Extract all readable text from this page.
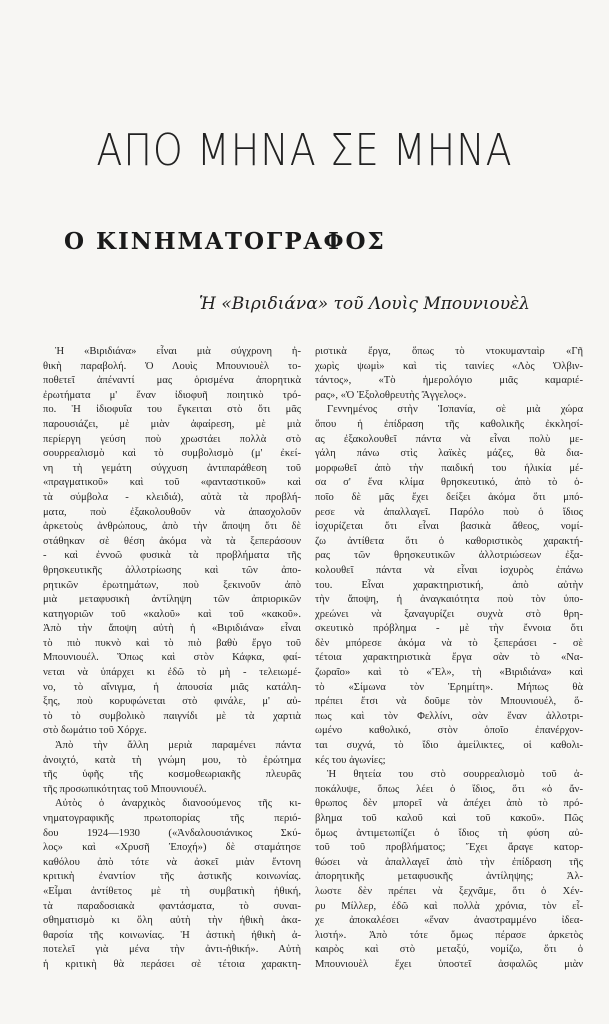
ΑΠΟ ΜΗΝΑ ΣΕ ΜΗΝΑ
Ο ΚΙΝΗΜΑΤΟΓΡΑΦΟΣ
Ἡ «Βιριδιάνα» τοῦ Λουὶς Μπουνιουὲλ
Ἡ «Βιριδιάνα» εἶναι μιὰ σύγχρονη ἠ-
θικὴ παραβολή. Ὁ Λουὶς Μπουνιουὲλ το-
ποθετεῖ ἀπέναντί μας ὁρισμένα ἀπορητικὰ
ἐρωτήματα μ' ἕναν ἰδιοφυῆ ποιητικὸ τρό-
πο. Ἡ ἰδιοφυΐα του ἔγκειται στὸ ὅτι μᾶς
παρουσιάζει, μὲ μιὰν ἀφαίρεση, μὲ μιὰ
περίεργη γεύση ποὺ χρωστάει πολλὰ στὸ
σουρρεαλισμὸ καὶ τὸ συμβολισμὸ (μ' ἐκεί-
νη τὴ γεμάτη σύγχυση ἀντιπαράθεση τοῦ
«πραγματικοῦ» καὶ τοῦ «φανταστικοῦ» καὶ
τὰ σύμβολα - κλειδιά), αὐτὰ τὰ προβλή-
ματα, ποὺ ἐξακολουθοῦν νὰ ἀπασχολοῦν
ἀρκετοὺς ἀνθρώπους, ἀπὸ τὴν ἄποψη ὅτι δὲ
στάθηκαν σὲ θέση ἀκόμα νὰ τὰ ξεπεράσουν
- καὶ ἐννοῶ φυσικὰ τὰ προβλήματα τῆς
θρησκευτικῆς ἀλλοτρίωσης καὶ τῶν ἀπο-
ρητικῶν ἐρωτημάτων, ποὺ ξεκινοῦν ἀπὸ
μιὰ μεταφυσικὴ ἀντίληψη τῶν ἀπριορικῶν
κατηγοριῶν τοῦ «καλοῦ» καὶ τοῦ «κακοῦ».
Ἀπὸ τὴν ἄποψη αὐτὴ ἡ «Βιριδιάνα» εἶναι
τὸ πιὸ πυκνὸ καὶ τὸ πιὸ βαθὺ ἔργο τοῦ
Μπουνιουέλ. Ὅπως καὶ στὸν Κάφκα, φαί-
νεται νὰ ὑπάρχει κι ἐδῶ τὸ μὴ - τελειωμέ-
νο, τὸ αἴνιγμα, ἡ ἀπουσία μιᾶς κατάλη-
ξης, ποὺ κορυφώνεται στὸ φινάλε, μ' αὐ-
τὸ τὸ συμβολικὸ παιγνίδι μὲ τὰ χαρτιὰ
στὸ δωμάτιο τοῦ Χόρχε.
Ἀπὸ τὴν ἄλλη μεριὰ παραμένει πάντα
ἀνοιχτό, κατὰ τὴ γνώμη μου, τὸ ἐρώτημα
τῆς ὑφῆς τῆς κοσμοθεωριακῆς πλευρᾶς
τῆς προσωπικότητας τοῦ Μπουνιουέλ.
Αὐτὸς ὁ ἀναρχικὸς διανοούμενος τῆς κι-
νηματογραφικῆς πρωτοπορίας τῆς περιό-
δου 1924—1930 («Ἀνδαλουσιάνικος Σκύ-
λος» καὶ «Χρυσῆ Ἐποχή») δὲ σταμάτησε
καθόλου ἀπὸ τότε νὰ ἀσκεῖ μιὰν ἔντονη
κριτικὴ ἐναντίον τῆς ἀστικῆς κοινωνίας.
«Εἶμαι ἀντίθετος μὲ τὴ συμβατικὴ ἠθική,
τὰ παραδοσιακὰ φαντάσματα, τὸ συναι-
σθηματισμὸ κι ὅλη αὐτὴ τὴν ἠθικὴ ἀκα-
θαρσία τῆς κοινωνίας. Ἡ ἀστικὴ ἠθικὴ ἀ-
ποτελεῖ γιὰ μένα τὴν ἀντι-ἠθική». Αὐτὴ
ἡ κριτικὴ θὰ περάσει σὲ τέτοια χαρακτη-
ριστικὰ ἔργα, ὅπως τὸ ντοκυμανταὶρ «Γῆ
χωρὶς ψωμὶ» καὶ τὶς ταινίες «Λὸς Ὀλβιν-
τάντος», «Τὸ ἡμερολόγιο μιᾶς καμαριέ-
ρας», «Ὁ Ἐξολοθρευτὴς Ἄγγελος».
Γεννημένος στὴν Ἱσπανία, σὲ μιὰ χώρα
ὅπου ἡ ἐπίδραση τῆς καθολικῆς ἐκκλησί-
ας ἐξακολουθεῖ πάντα νὰ εἶναι πολὺ με-
γάλη πάνω στὶς λαϊκὲς μάζες, θὰ δια-
μορφωθεῖ ἀπὸ τὴν παιδική του ἡλικία μέ-
σα σ' ἕνα κλίμα θρησκευτικό, ἀπὸ τὸ ὁ-
ποῖο δὲ μᾶς ἔχει δείξει ἀκόμα ὅτι μπό-
ρεσε νὰ ἀπαλλαγεῖ. Παρόλο ποὺ ὁ ἴδιος
ἰσχυρίζεται ὅτι εἶναι βασικὰ ἄθεος, νομί-
ζω ἀντίθετα ὅτι ὁ καθοριστικὸς χαρακτή-
ρας τῶν θρησκευτικῶν ἀλλοτριώσεων ἐξα-
κολουθεῖ πάντα νὰ εἶναι ἰσχυρὸς ἐπάνω
του. Εἶναι χαρακτηριστική, ἀπὸ αὐτὴν
τὴν ἄποψη, ἡ ἀναγκαιότητα ποὺ τὸν ὑπο-
χρεώνει νὰ ξαναγυρίζει συχνὰ στὸ θρη-
σκευτικὸ πρόβλημα - μὲ τὴν ἔννοια ὅτι
δὲν μπόρεσε ἀκόμα νὰ τὸ ξεπεράσει - σὲ
τέτοια χαρακτηριστικὰ ἔργα σὰν τὸ «Να-
ζωραῖο» καὶ τὸ «Ἔλ», τὴ «Βιριδιάνα» καὶ
τὸ «Σίμωνα τὸν Ἐρημίτη». Μήπως θὰ
πρέπει ἔτσι νὰ δοῦμε τὸν Μπουνιουέλ, ὅ-
πως καὶ τὸν Φελλίνι, σὰν ἕναν ἀλλοτρι-
ωμένο καθολικό, στὸν ὁποῖο ἐπανέρχον-
ται συχνά, τὸ ἴδιο ἀμείλικτες, οἱ καθολι-
κές του ἀγωνίες;
Ἡ θητεία του στὸ σουρρεαλισμὸ τοῦ ἀ-
ποκάλυψε, ὅπως λέει ὁ ἴδιος, ὅτι «ὁ ἄν-
θρωπος δὲν μπορεῖ νὰ ἀπέχει ἀπὸ τὸ πρό-
βλημα τοῦ καλοῦ καὶ τοῦ κακοῦ». Πῶς
ὅμως ἀντιμετωπίζει ὁ ἴδιος τὴ φύση αὐ-
τοῦ τοῦ προβλήματος; Ἔχει ἄραγε κατορ-
θώσει νὰ ἀπαλλαγεῖ ἀπὸ τὴν ἐπίδραση τῆς
ἀπορητικῆς μεταφυσικῆς ἀντίληψης; Ἀλ-
λωστε δὲν πρέπει νὰ ξεχνᾶμε, ὅτι ὁ Χέν-
ρυ Μίλλερ, ἐδῶ καὶ πολλὰ χρόνια, τὸν εἶ-
χε ἀποκαλέσει «ἕναν ἀναστραμμένο ἰδεα-
λιστή». Ἀπὸ τότε ὅμως πέρασε ἀρκετὸς
καιρὸς καὶ στὸ μεταξύ, νομίζω, ὅτι ὁ
Μπουνιουὲλ ἔχει ὑποστεῖ ἀσφαλῶς μιὰν
